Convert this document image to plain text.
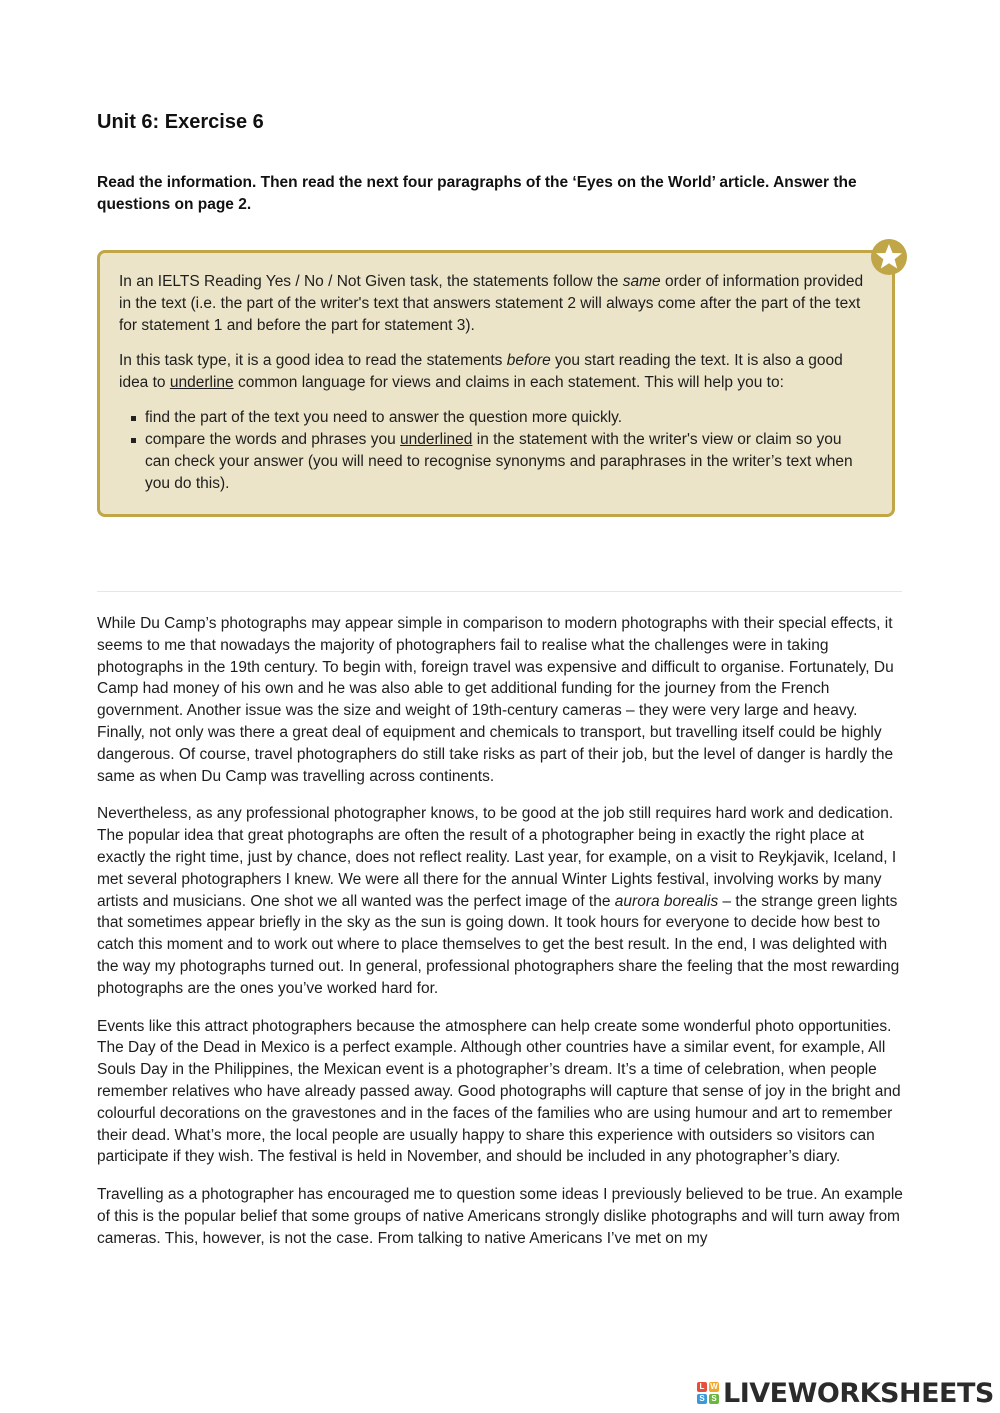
Unit 6: Exercise 6

Read the information. Then read the next four paragraphs of the ‘Eyes on the World’ article. Answer the questions on page 2.

In an IELTS Reading Yes / No / Not Given task, the statements follow the same order of information provided in the text (i.e. the part of the writer's text that answers statement 2 will always come after the part of the text for statement 1 and before the part for statement 3).

In this task type, it is a good idea to read the statements before you start reading the text. It is also a good idea to underline common language for views and claims in each statement. This will help you to:

find the part of the text you need to answer the question more quickly.
compare the words and phrases you underlined in the statement with the writer's view or claim so you can check your answer (you will need to recognise synonyms and paraphrases in the writer’s text when you do this).

While Du Camp’s photographs may appear simple in comparison to modern photographs with their special effects, it seems to me that nowadays the majority of photographers fail to realise what the challenges were in taking photographs in the 19th century. To begin with, foreign travel was expensive and difficult to organise. Fortunately, Du Camp had money of his own and he was also able to get additional funding for the journey from the French government. Another issue was the size and weight of 19th-century cameras – they were very large and heavy. Finally, not only was there a great deal of equipment and chemicals to transport, but travelling itself could be highly dangerous. Of course, travel photographers do still take risks as part of their job, but the level of danger is hardly the same as when Du Camp was travelling across continents.

Nevertheless, as any professional photographer knows, to be good at the job still requires hard work and dedication. The popular idea that great photographs are often the result of a photographer being in exactly the right place at exactly the right time, just by chance, does not reflect reality. Last year, for example, on a visit to Reykjavik, Iceland, I met several photographers I knew. We were all there for the annual Winter Lights festival, involving works by many artists and musicians. One shot we all wanted was the perfect image of the aurora borealis – the strange green lights that sometimes appear briefly in the sky as the sun is going down. It took hours for everyone to decide how best to catch this moment and to work out where to place themselves to get the best result. In the end, I was delighted with the way my photographs turned out. In general, professional photographers share the feeling that the most rewarding photographs are the ones you’ve worked hard for.

Events like this attract photographers because the atmosphere can help create some wonderful photo opportunities. The Day of the Dead in Mexico is a perfect example. Although other countries have a similar event, for example, All Souls Day in the Philippines, the Mexican event is a photographer’s dream. It’s a time of celebration, when people remember relatives who have already passed away. Good photographs will capture that sense of joy in the bright and colourful decorations on the gravestones and in the faces of the families who are using humour and art to remember their dead. What’s more, the local people are usually happy to share this experience with outsiders so visitors can participate if they wish. The festival is held in November, and should be included in any photographer’s diary.

Travelling as a photographer has encouraged me to question some ideas I previously believed to be true. An example of this is the popular belief that some groups of native Americans strongly dislike photographs and will turn away from cameras. This, however, is not the case. From talking to native Americans I’ve met on my

L W
S S LIVEWORKSHEETS
